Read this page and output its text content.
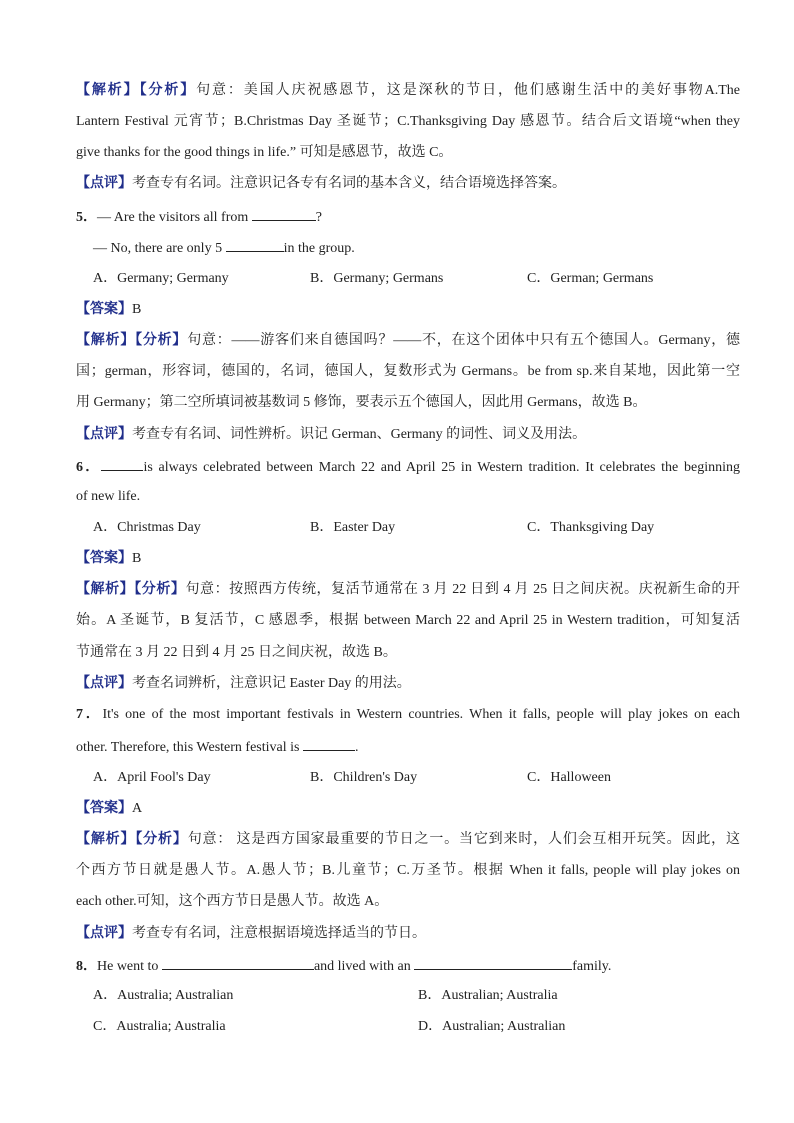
【解析】【分析】句意：美国人庆祝感恩节，这是深秋的节日，他们感谢生活中的美好事物A.The
Lantern Festival 元宵节；B.Christmas Day 圣诞节；C.Thanksgiving Day 感恩节。结合后文语境“when they
give thanks for the good things in life.” 可知是感恩节，故选 C。
【点评】考查专有名词。注意识记各专有名词的基本含义，结合语境选择答案。
5．— Are the visitors all from	?
— No, there are only 5	in the group.
A．Germany; Germany	B．Germany; Germans	C．German; Germans
【答案】B
【解析】【分析】句意：——游客们来自德国吗？——不，在这个团体中只有五个德国人。Germany，德
国；german，形容词，德国的，名词，德国人，复数形式为 Germans。be from sp.来自某地，因此第一空
用 Germany；第二空所填词被基数词 5 修饰，要表示五个德国人，因此用 Germans，故选 B。
【点评】考查专有名词、词性辨析。识记 German、Germany 的词性、词义及用法。
6．	is always celebrated between March 22 and April 25 in Western tradition. It celebrates the beginning
of new life.
A．Christmas Day	B．Easter Day	C．Thanksgiving Day
【答案】B
【解析】【分析】句意：按照西方传统，复活节通常在 3 月 22 日到 4 月 25 日之间庆祝。庆祝新生命的开
始。A 圣诞节，B 复活节，C 感恩季，根据 between March 22 and April 25 in Western tradition，可知复活
节通常在 3 月 22 日到 4 月 25 日之间庆祝，故选 B。
【点评】考查名词辨析，注意识记 Easter Day 的用法。
7．It's one of the most important festivals in Western countries. When it falls, people will play jokes on each
other. Therefore, this Western festival is	.
A．April Fool's Day	B．Children's Day	C．Halloween
【答案】A
【解析】【分析】句意： 这是西方国家最重要的节日之一。当它到来时，人们会互相开玩笑。因此，这
个西方节日就是愚人节。A.愚人节；B.儿童节；C.万圣节。根据 When it falls, people will play jokes on
each other.可知，这个西方节日是愚人节。故选 A。
【点评】考查专有名词，注意根据语境选择适当的节日。
8．He went to	and lived with an	family.
A．Australia; Australian	B．Australian; Australia
C．Australia; Australia	D．Australian; Australian
